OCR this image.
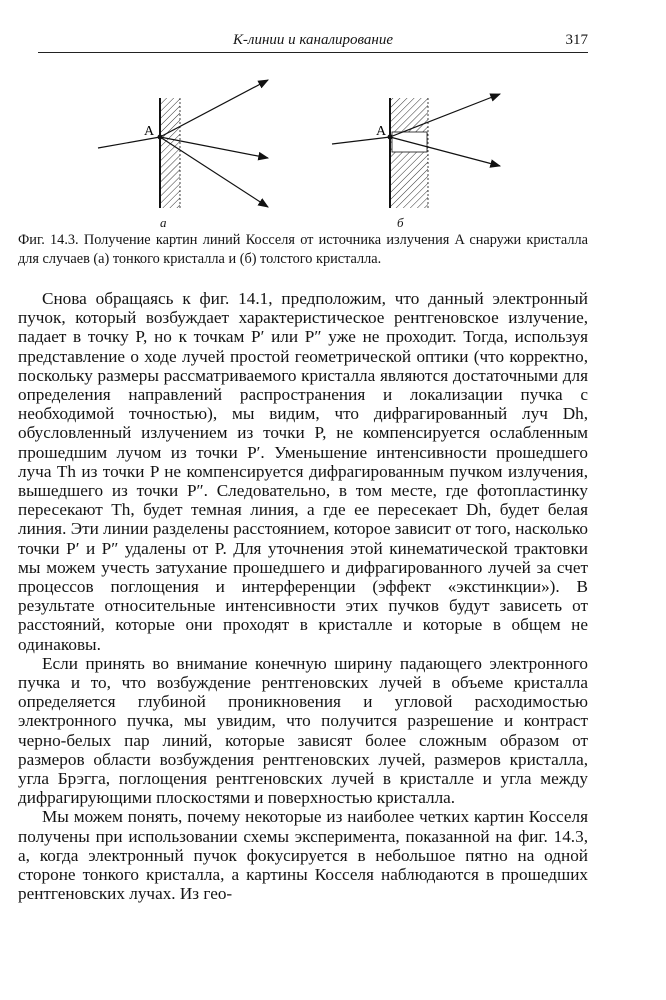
К-линии и каналирование	317
A	A
а	б

Фиг. 14.3. Получение картин линий Косселя от источника излучения A снаружи кристалла для случаев (а) тонкого кристалла и (б) толстого кристалла.

Снова обращаясь к фиг. 14.1, предположим, что данный электронный пучок, который возбуждает характеристическое рентгеновское излучение, падает в точку P, но к точкам P′ или P″ уже не проходит. Тогда, используя представление о ходе лучей простой геометрической оптики (что корректно, поскольку размеры рассматриваемого кристалла являются достаточными для определения направлений распространения и локализации пучка с необходимой точностью), мы видим, что дифрагированный луч Dh, обусловленный излучением из точки P, не компенсируется ослабленным прошедшим лучом из точки P′. Уменьшение интенсивности прошедшего луча Th из точки P не компенсируется дифрагированным пучком излучения, вышедшего из точки P″. Следовательно, в том месте, где фотопластинку пересекают Th, будет темная линия, а где ее пересекает Dh, будет белая линия. Эти линии разделены расстоянием, которое зависит от того, насколько точки P′ и P″ удалены от P. Для уточнения этой кинематической трактовки мы можем учесть затухание прошедшего и дифрагированного лучей за счет процессов поглощения и интерференции (эффект «экстинкции»). В результате относительные интенсивности этих пучков будут зависеть от расстояний, которые они проходят в кристалле и которые в общем не одинаковы.

Если принять во внимание конечную ширину падающего электронного пучка и то, что возбуждение рентгеновских лучей в объеме кристалла определяется глубиной проникновения и угловой расходимостью электронного пучка, мы увидим, что получится разрешение и контраст черно-белых пар линий, которые зависят более сложным образом от размеров области возбуждения рентгеновских лучей, размеров кристалла, угла Брэгга, поглощения рентгеновских лучей в кристалле и угла между дифрагирующими плоскостями и поверхностью кристалла.

Мы можем понять, почему некоторые из наиболее четких картин Косселя получены при использовании схемы эксперимента, показанной на фиг. 14.3, а, когда электронный пучок фокусируется в небольшое пятно на одной стороне тонкого кристалла, а картины Косселя наблюдаются в прошедших рентгеновских лучах. Из гео-
